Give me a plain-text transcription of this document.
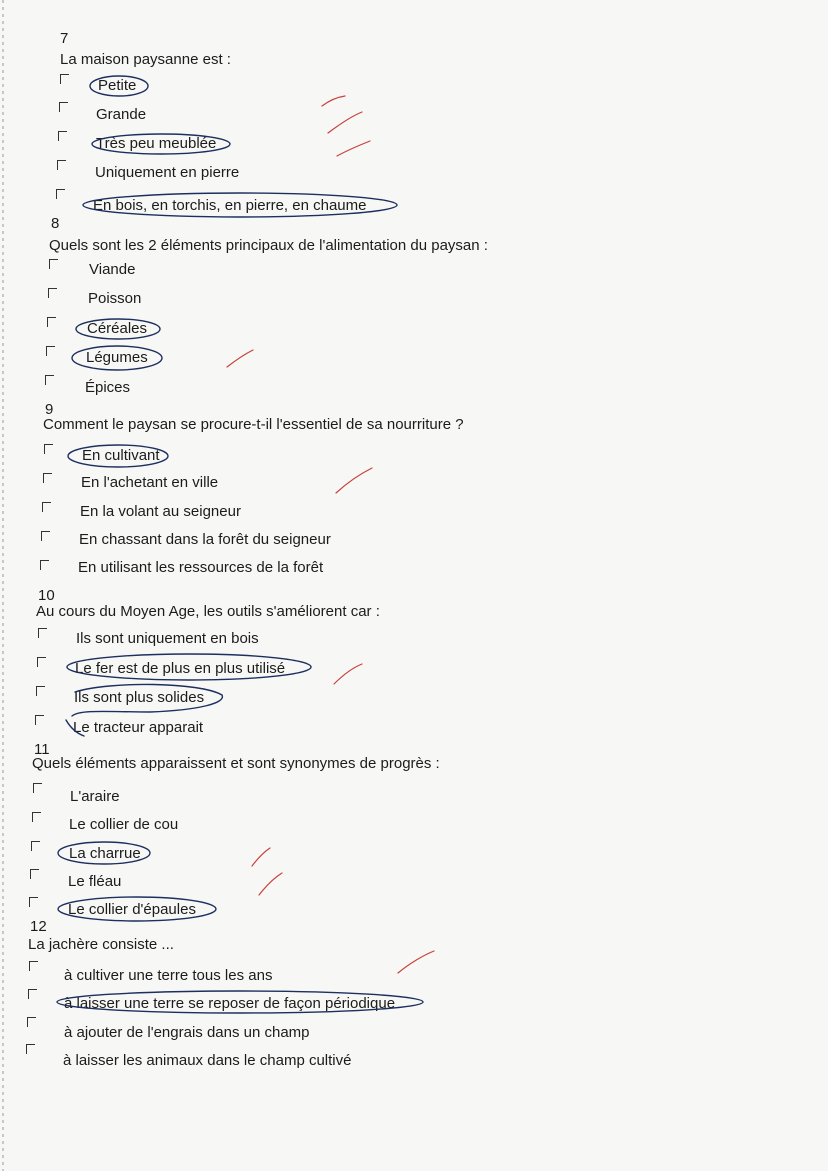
7
La maison paysanne est :
Petite
Grande
Très peu meublée
Uniquement en pierre
En bois, en torchis, en pierre, en chaume
8
Quels sont les 2 éléments principaux de l'alimentation du paysan :
Viande
Poisson
Céréales
Légumes
Épices
9
Comment le paysan se procure-t-il l'essentiel de sa nourriture ?
En cultivant
En l'achetant en ville
En la volant au seigneur
En chassant dans la forêt du seigneur
En utilisant les ressources de la forêt
10
Au cours du Moyen Age, les outils s'améliorent car :
Ils sont uniquement en bois
Le fer est de plus en plus utilisé
Ils sont plus solides
Le tracteur apparait
11
Quels éléments apparaissent et sont synonymes de progrès :
L'araire
Le collier de cou
La charrue
Le fléau
Le collier d'épaules
12
La jachère consiste ...
à cultiver une terre tous les ans
à laisser une terre se reposer de façon périodique
à ajouter de l'engrais dans un champ
à laisser les animaux dans le champ cultivé
